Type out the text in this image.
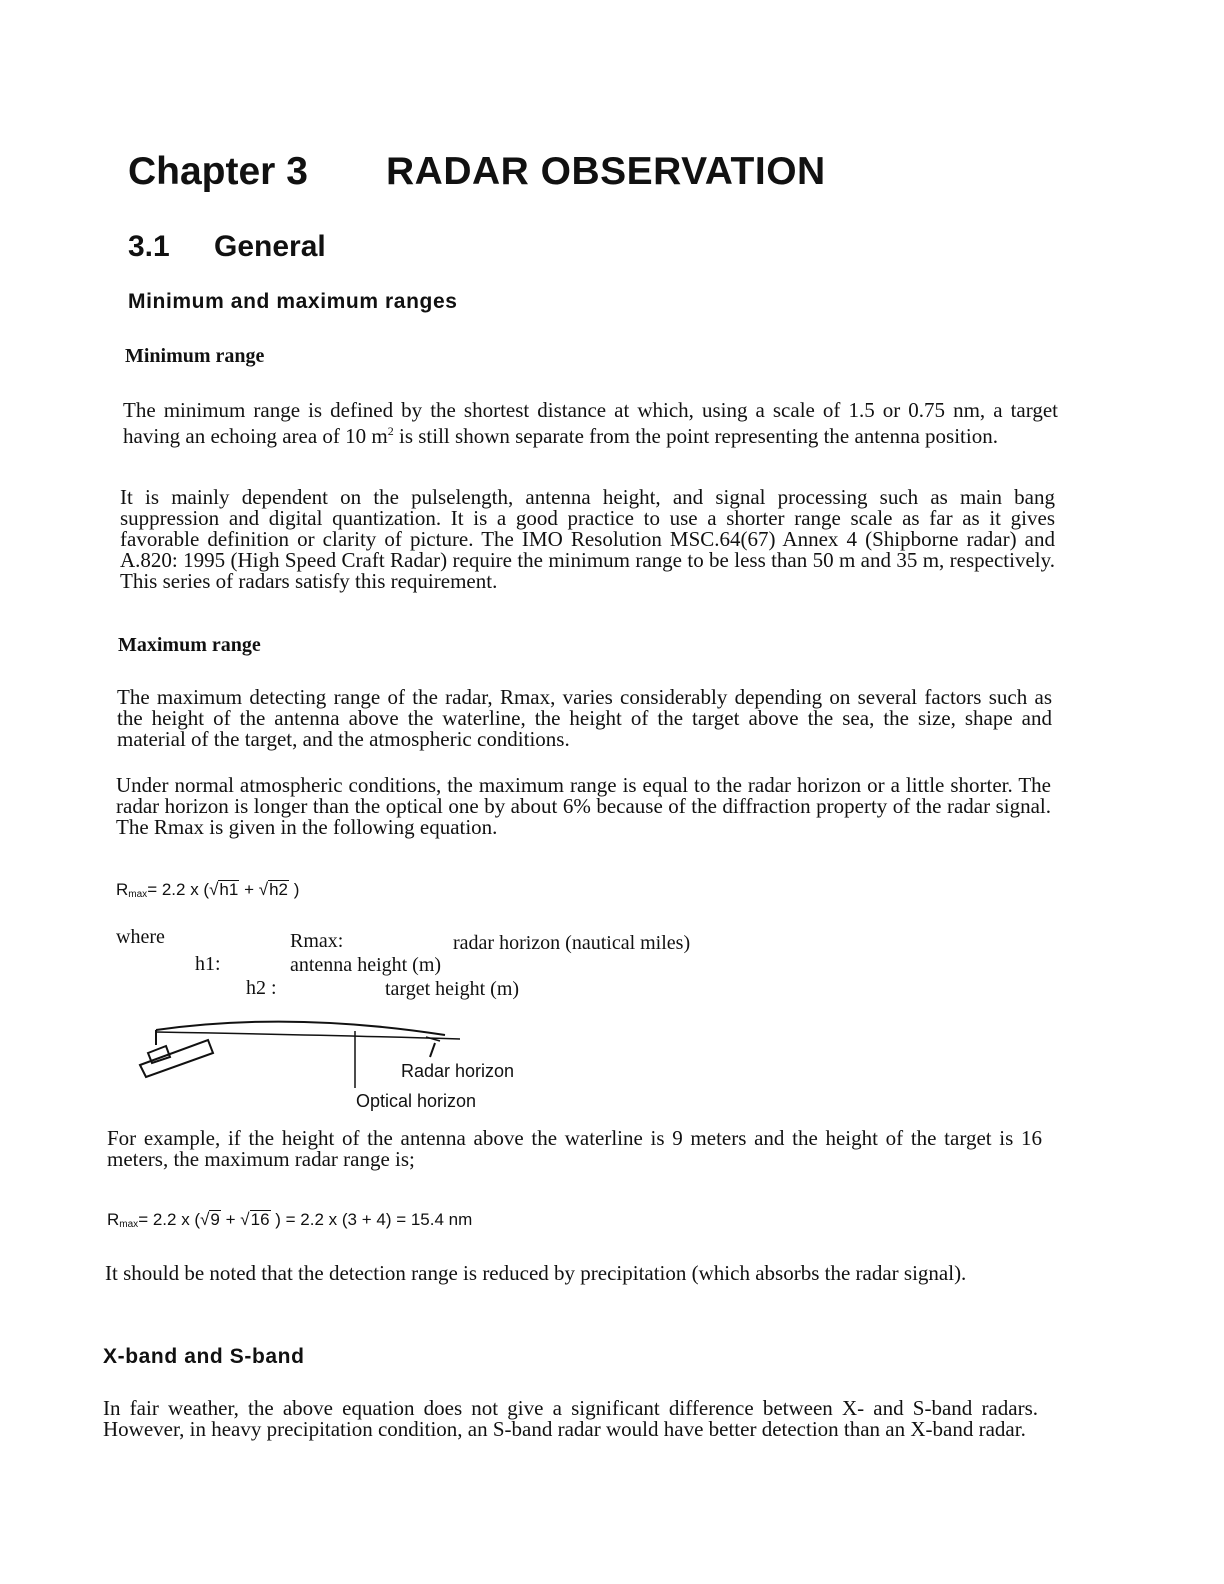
Chapter 3 RADAR OBSERVATION
3.1 General
Minimum and maximum ranges
Minimum range

The minimum range is defined by the shortest distance at which, using a scale of 1.5 or 0.75 nm, a target having an echoing area of 10 $m^2$ is still shown separate from the point representing the antenna position.

It is mainly dependent on the pulselength, antenna height, and signal processing such as main bang suppression and digital quantization. It is a good practice to use a shorter range scale as far as it gives favorable definition or clarity of picture. The IMO Resolution MSC.64(67) Annex 4 (Shipborne radar) and A.820: 1995 (High Speed Craft Radar) require the minimum range to be less than 50 m and 35 m, respectively. This series of radars satisfy this requirement.

Maximum range

The maximum detecting range of the radar, Rmax, varies considerably depending on several factors such as the height of the antenna above the waterline, the height of the target above the sea, the size, shape and material of the target, and the atmospheric conditions.

Under normal atmospheric conditions, the maximum range is equal to the radar horizon or a little shorter. The radar horizon is longer than the optical one by about 6% because of the diffraction property of the radar signal. The Rmax is given in the following equation.

$R_{max}= 2.2$ x (√h1 + √h2 )
where	Rmax:	radar horizon (nautical miles)
h1:	antenna height (m)
h2 :	target height (m)
Radar horizon
Optical horizon

For example, if the height of the antenna above the waterline is 9 meters and the height of the target is 16 meters, the maximum radar range is;

$R_{max}= 2.2$ x (√9 + √16 ) = 2.2 x (3 + 4) = 15.4 nm

It should be noted that the detection range is reduced by precipitation (which absorbs the radar signal).

X-band and S-band

In fair weather, the above equation does not give a significant difference between X- and S-band radars. However, in heavy precipitation condition, an S-band radar would have better detection than an X-band radar.
